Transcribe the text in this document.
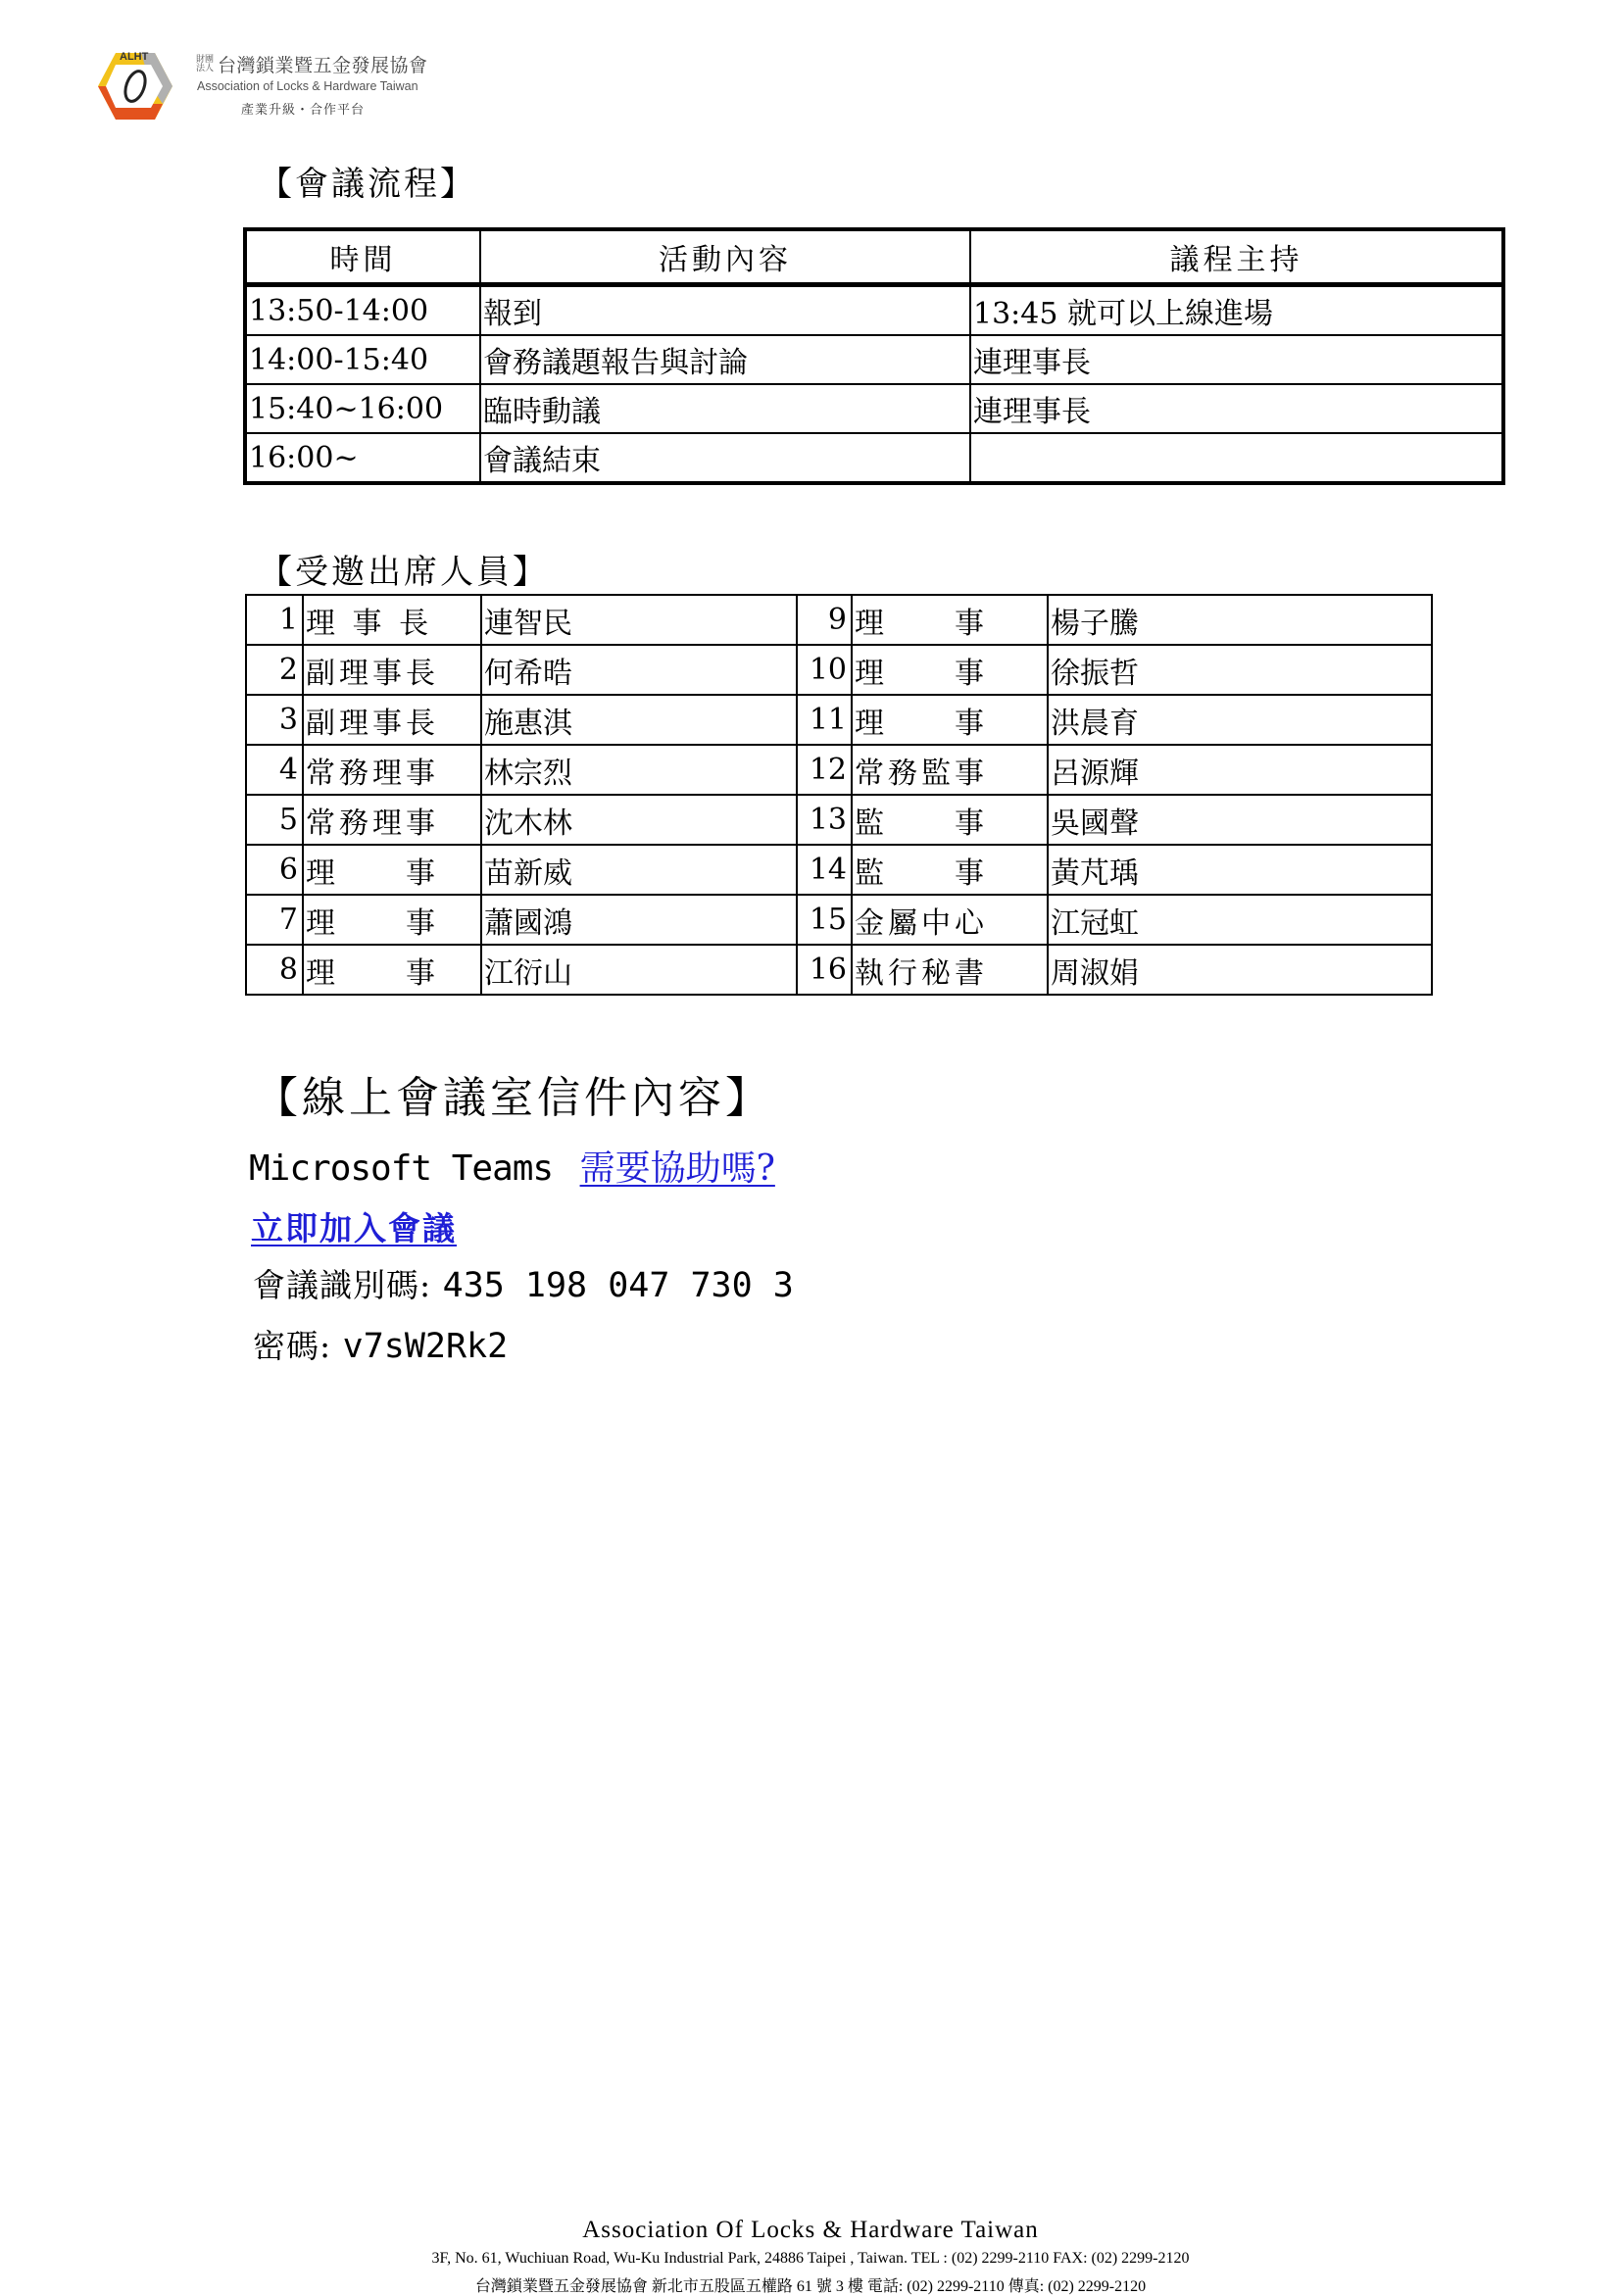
ALHT	財團法人 台灣鎖業暨五金發展協會
Association of Locks & Hardware Taiwan
產業升級・合作平台
【會議流程】
時間	活動內容	議程主持
13:50-14:00	報到	13:45 就可以上線進場
14:00-15:40	會務議題報告與討論	連理事長
15:40~16:00	臨時動議	連理事長
16:00~	會議結束	
【受邀出席人員】
1	理 事 長	連智民	9	理　　事	楊子騰
2	副理事長	何希晧	10	理　　事	徐振哲
3	副理事長	施惠淇	11	理　　事	洪晨育
4	常務理事	林宗烈	12	常務監事	呂源輝
5	常務理事	沈木林	13	監　　事	吳國聲
6	理　　事	苗新威	14	監　　事	黃芃瑀
7	理　　事	蕭國鴻	15	金屬中心	江冠虹
8	理　　事	江衍山	16	執行秘書	周淑娟
【線上會議室信件內容】
Microsoft Teams 需要協助嗎?
立即加入會議
會議識別碼: 435 198 047 730 3
密碼: v7sW2Rk2
Association Of Locks & Hardware Taiwan
3F, No. 61, Wuchiuan Road, Wu-Ku Industrial Park, 24886 Taipei , Taiwan. TEL : (02) 2299-2110 FAX: (02) 2299-2120
台灣鎖業暨五金發展協會 新北市五股區五權路 61 號 3 樓 電話: (02) 2299-2110 傳真: (02) 2299-2120
